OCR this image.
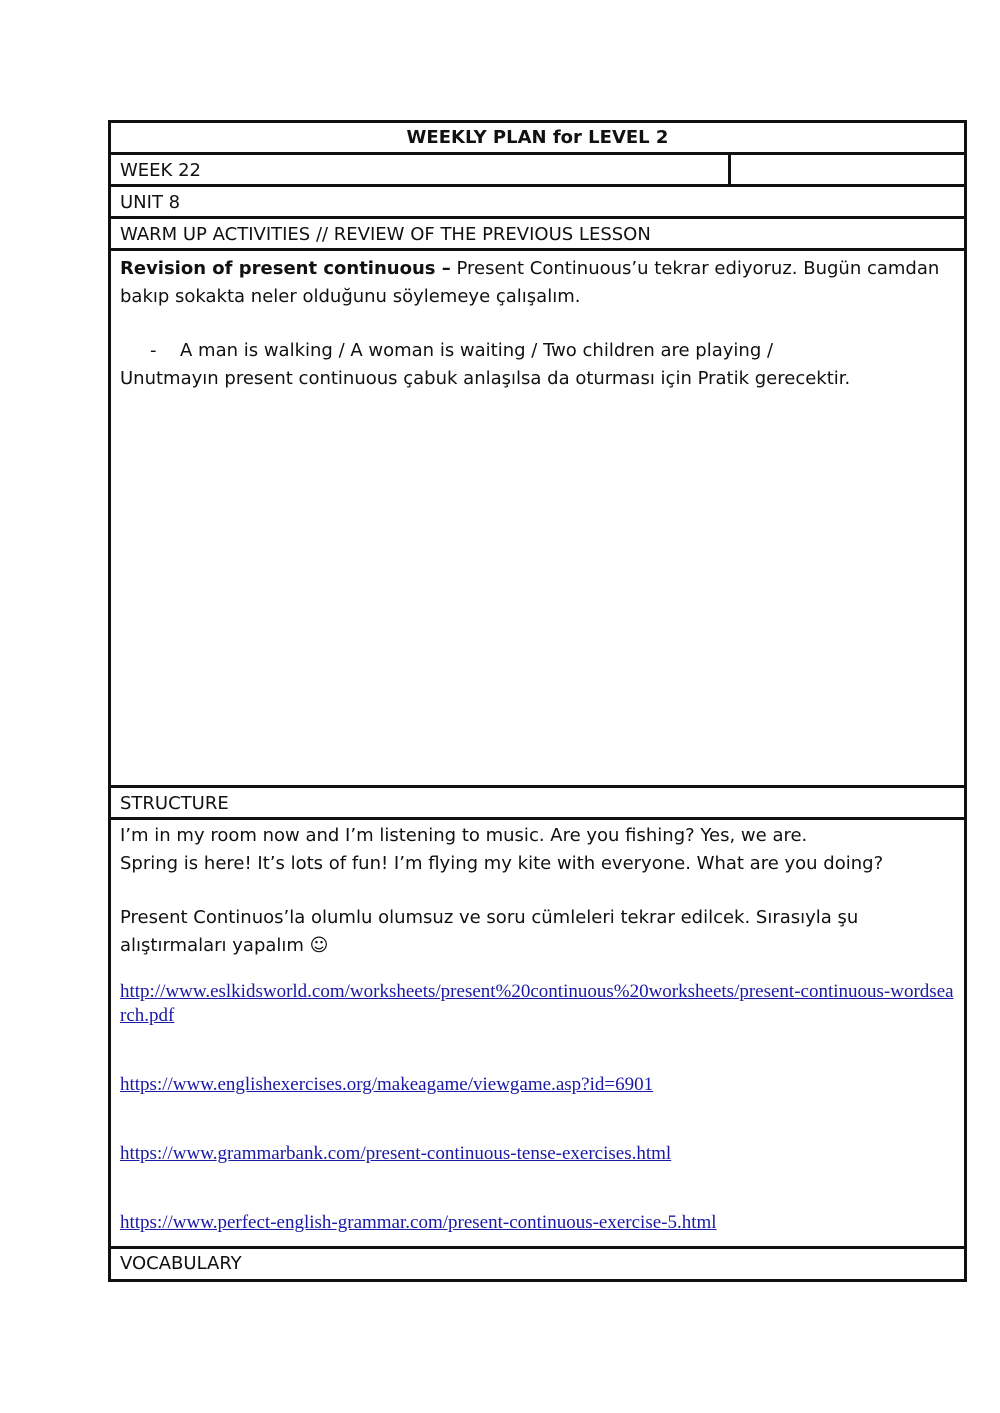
WEEKLY PLAN for LEVEL 2
WEEK 22
UNIT 8
WARM UP ACTIVITIES // REVIEW OF THE PREVIOUS LESSON

Revision of present continuous – Present Continuous’u tekrar ediyoruz. Bugün camdan bakıp sokakta neler olduğunu söylemeye çalışalım.

- A man is walking / A woman is waiting / Two children are playing /

Unutmayın present continuous çabuk anlaşılsa da oturması için Pratik gerecektir.

STRUCTURE

I’m in my room now and I’m listening to music. Are you fishing? Yes, we are.

Spring is here! It’s lots of fun! I’m flying my kite with everyone. What are you doing?

Present Continuos’la olumlu olumsuz ve soru cümleleri tekrar edilcek. Sırasıyla şu alıştırmaları yapalım ☺

http://www.eslkidsworld.com/worksheets/present%20continuous%20worksheets/present-continuous-wordsearch.pdf
https://www.englishexercises.org/makeagame/viewgame.asp?id=6901
https://www.grammarbank.com/present-continuous-tense-exercises.html
https://www.perfect-english-grammar.com/present-continuous-exercise-5.html
VOCABULARY
